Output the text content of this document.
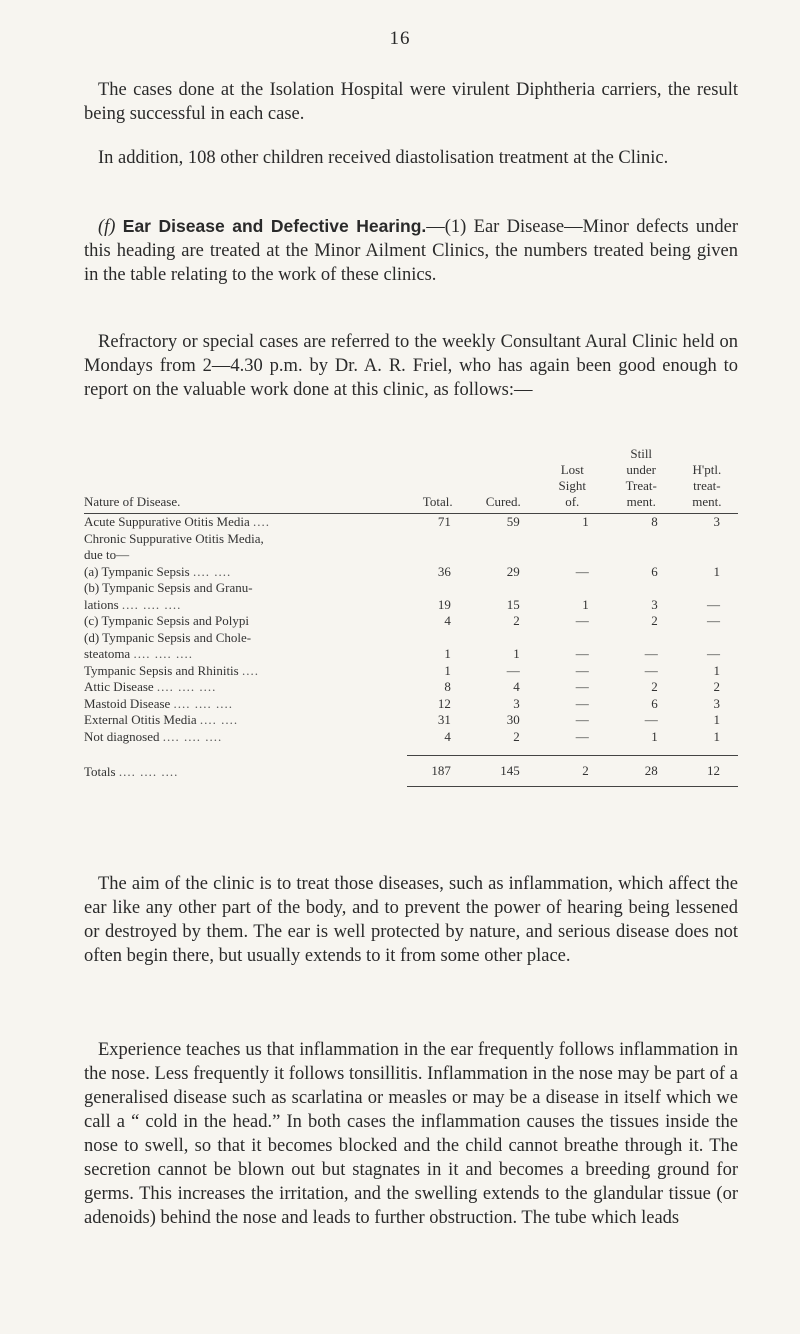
16

The cases done at the Isolation Hospital were virulent Diphtheria carriers, the result being successful in each case.

In addition, 108 other children received diastolisation treatment at the Clinic.

(f) Ear Disease and Defective Hearing.—(1) Ear Disease—Minor defects under this heading are treated at the Minor Ailment Clinics, the numbers treated being given in the table relating to the work of these clinics.

Refractory or special cases are referred to the weekly Consultant Aural Clinic held on Mondays from 2—4.30 p.m. by Dr. A. R. Friel, who has again been good enough to report on the valuable work done at this clinic, as follows:—

Nature of Disease.	Total.	Cured.	Lost
Sight
of.	Still
under
Treat-
ment.	H'ptl.
treat-
ment.
Acute Suppurative Otitis Media ....	71	59	1	8	3
Chronic Suppurative Otitis Media,					
due to—					
(a) Tympanic Sepsis .... ....	36	29	—	6	1
(b) Tympanic Sepsis and Granu-					
lations .... .... ....	19	15	1	3	—
(c) Tympanic Sepsis and Polypi	4	2	—	2	—
(d) Tympanic Sepsis and Chole-					
steatoma .... .... ....	1	1	—	—	—
Tympanic Sepsis and Rhinitis ....	1	—	—	—	1
Attic Disease .... .... ....	8	4	—	2	2
Mastoid Disease .... .... ....	12	3	—	6	3
External Otitis Media .... ....	31	30	—	—	1
Not diagnosed .... .... ....	4	2	—	1	1

Totals .... .... ....	187	145	2	28	12

The aim of the clinic is to treat those diseases, such as inflammation, which affect the ear like any other part of the body, and to prevent the power of hearing being lessened or destroyed by them. The ear is well protected by nature, and serious disease does not often begin there, but usually extends to it from some other place.

Experience teaches us that inflammation in the ear frequently follows inflammation in the nose. Less frequently it follows tonsillitis. Inflammation in the nose may be part of a generalised disease such as scarlatina or measles or may be a disease in itself which we call a “ cold in the head.” In both cases the inflammation causes the tissues inside the nose to swell, so that it becomes blocked and the child cannot breathe through it. The secretion cannot be blown out but stagnates in it and becomes a breeding ground for germs. This increases the irritation, and the swelling extends to the glandular tissue (or adenoids) behind the nose and leads to further obstruction. The tube which leads
